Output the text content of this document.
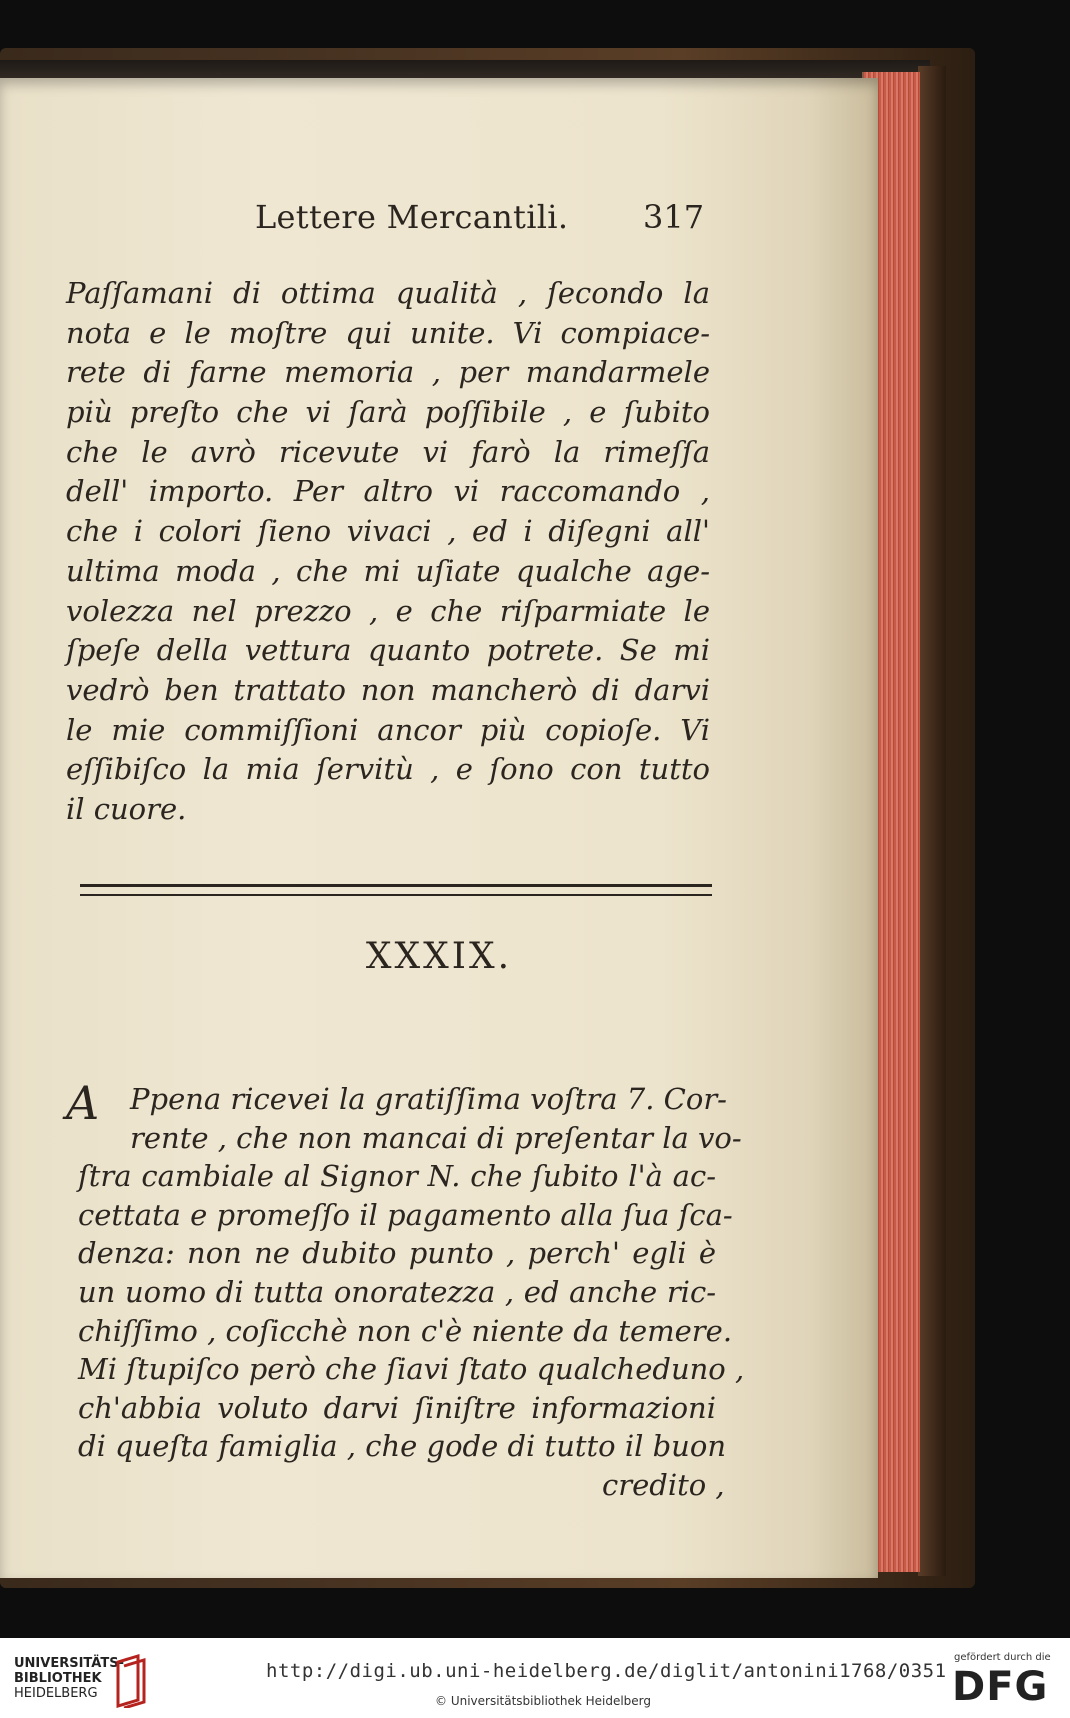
Lettere Mercantili. 317
Paſſamani di ottima qualità , ſecondo la
nota e le moſtre qui unite. Vi compiace-
rete di farne memoria , per mandarmele
più preſto che vi ſarà poſſibile , e ſubito
che le avrò ricevute vi farò la rimeſſa
dell' importo. Per altro vi raccomando ,
che i colori ſieno vivaci , ed i diſegni all'
ultima moda , che mi uſiate qualche age-
volezza nel prezzo , e che riſparmiate le
ſpeſe della vettura quanto potrete. Se mi
vedrò ben trattato non mancherò di darvi
le mie commiſſioni ancor più copioſe. Vi
eſſibiſco la mia ſervitù , e ſono con tutto
il cuore.
XXXIX.
A	Ppena ricevei la gratiſſima voſtra 7. Cor-
rente , che non mancai di preſentar la vo-
ſtra cambiale al Signor N. che ſubito l'à ac-
cettata e promeſſo il pagamento alla ſua ſca-
denza: non ne dubito punto , perch' egli è
un uomo di tutta onoratezza , ed anche ric-
chiſſimo , coſicchè non c'è niente da temere.
Mi ſtupiſco però che ſiavi ſtato qualcheduno ,
ch'abbia voluto darvi ſiniſtre informazioni
di queſta famiglia , che gode di tutto il buon
credito ,
UNIVERSITÄTS-
BIBLIOTHEK
HEIDELBERG
http://digi.ub.uni-heidelberg.de/diglit/antonini1768/0351
© Universitätsbibliothek Heidelberg
gefördert durch die
DFG
